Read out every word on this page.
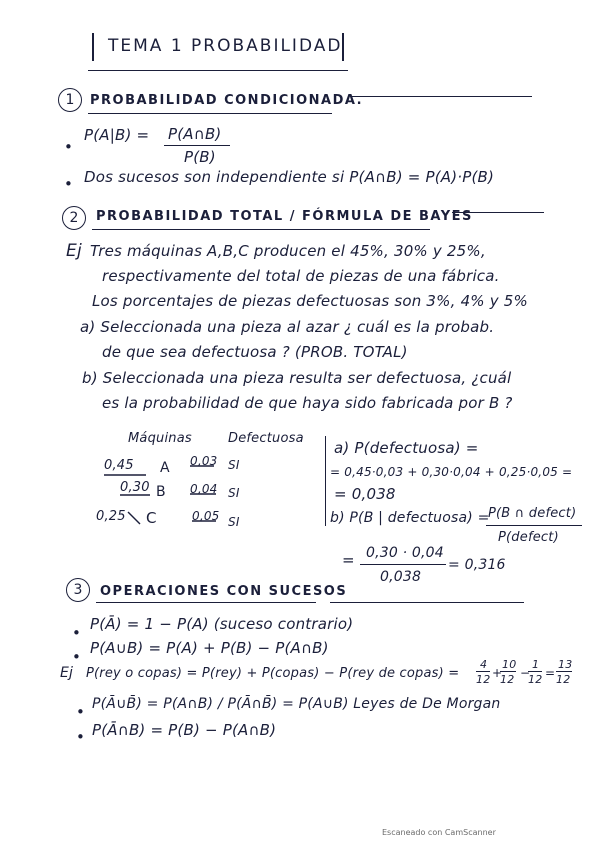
TEMA 1 PROBABILIDAD
1	PROBABILIDAD CONDICIONADA.
•
P(A|B) = P(A∩B)
P(B)
• Dos sucesos son independiente si P(A∩B) = P(A)·P(B)
2	PROBABILIDAD TOTAL / FÓRMULA DE BAYES
Ej Tres máquinas A,B,C producen el 45%, 30% y 25%,
respectivamente del total de piezas de una fábrica.
Los porcentajes de piezas defectuosas son 3%, 4% y 5%
a) Seleccionada una pieza al azar ¿ cuál es la probab.
de que sea defectuosa ? (PROB. TOTAL)
b) Seleccionada una pieza resulta ser defectuosa, ¿cuál
es la probabilidad de que haya sido fabricada por B ?
Máquinas	Defectuosa
0,45 A 0,03 SI
0,30 B 0,04 SI
0,25 C	0,05 SI
a) P(defectuosa) =
= 0,45·0,03 + 0,30·0,04 + 0,25·0,05 =
= 0,038
b) P(B | defectuosa) =
P(B ∩ defect)
P(defect)
= 0,30 · 0,04
0,038
= 0,316
3	OPERACIONES CON SUCESOS
• P(Ā) = 1 − P(A) (suceso contrario)
• P(A∪B) = P(A) + P(B) − P(A∩B)
Ej P(rey o copas) = P(rey) + P(copas) − P(rey de copas) =
4
12 +
10
12 −
1
12 =
13
12
• P(Ā∪B̄) = P(A∩B) / P(Ā∩B̄) = P(A∪B) Leyes de De Morgan
• P(Ā∩B) = P(B) − P(A∩B)
Escaneado con CamScanner
